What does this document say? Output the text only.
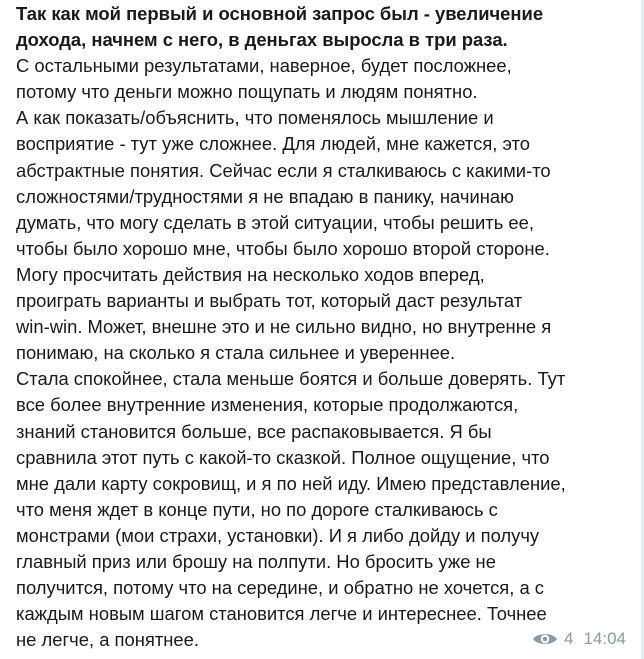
Так как мой первый и основной запрос был - увеличение
дохода, начнем с него, в деньгах выросла в три раза.

С остальными результатами, наверное, будет посложнее,
потому что деньги можно пощупать и людям понятно.

А как показать/объяснить, что поменялось мышление и
восприятие - тут уже сложнее. Для людей, мне кажется, это
абстрактные понятия. Сейчас если я сталкиваюсь с какими-то
сложностями/трудностями я не впадаю в панику, начинаю
думать, что могу сделать в этой ситуации, чтобы решить ее,
чтобы было хорошо мне, чтобы было хорошо второй стороне.
Могу просчитать действия на несколько ходов вперед,
проиграть варианты и выбрать тот, который даст результат
win-win. Может, внешне это и не сильно видно, но внутренне я
понимаю, на сколько я стала сильнее и увереннее.

Стала спокойнее, стала меньше боятся и больше доверять. Тут
все более внутренние изменения, которые продолжаются,
знаний становится больше, все распаковывается. Я бы
сравнила этот путь с какой-то сказкой. Полное ощущение, что
мне дали карту сокровищ, и я по ней иду. Имею представление,
что меня ждет в конце пути, но по дороге сталкиваюсь с
монстрами (мои страхи, установки). И я либо дойду и получу
главный приз или брошу на полпути. Но бросить уже не
получится, потому что на середине, и обратно не хочется, а с
каждым новым шагом становится легче и интереснее. Точнее
не легче, а понятнее.	4 14:04
